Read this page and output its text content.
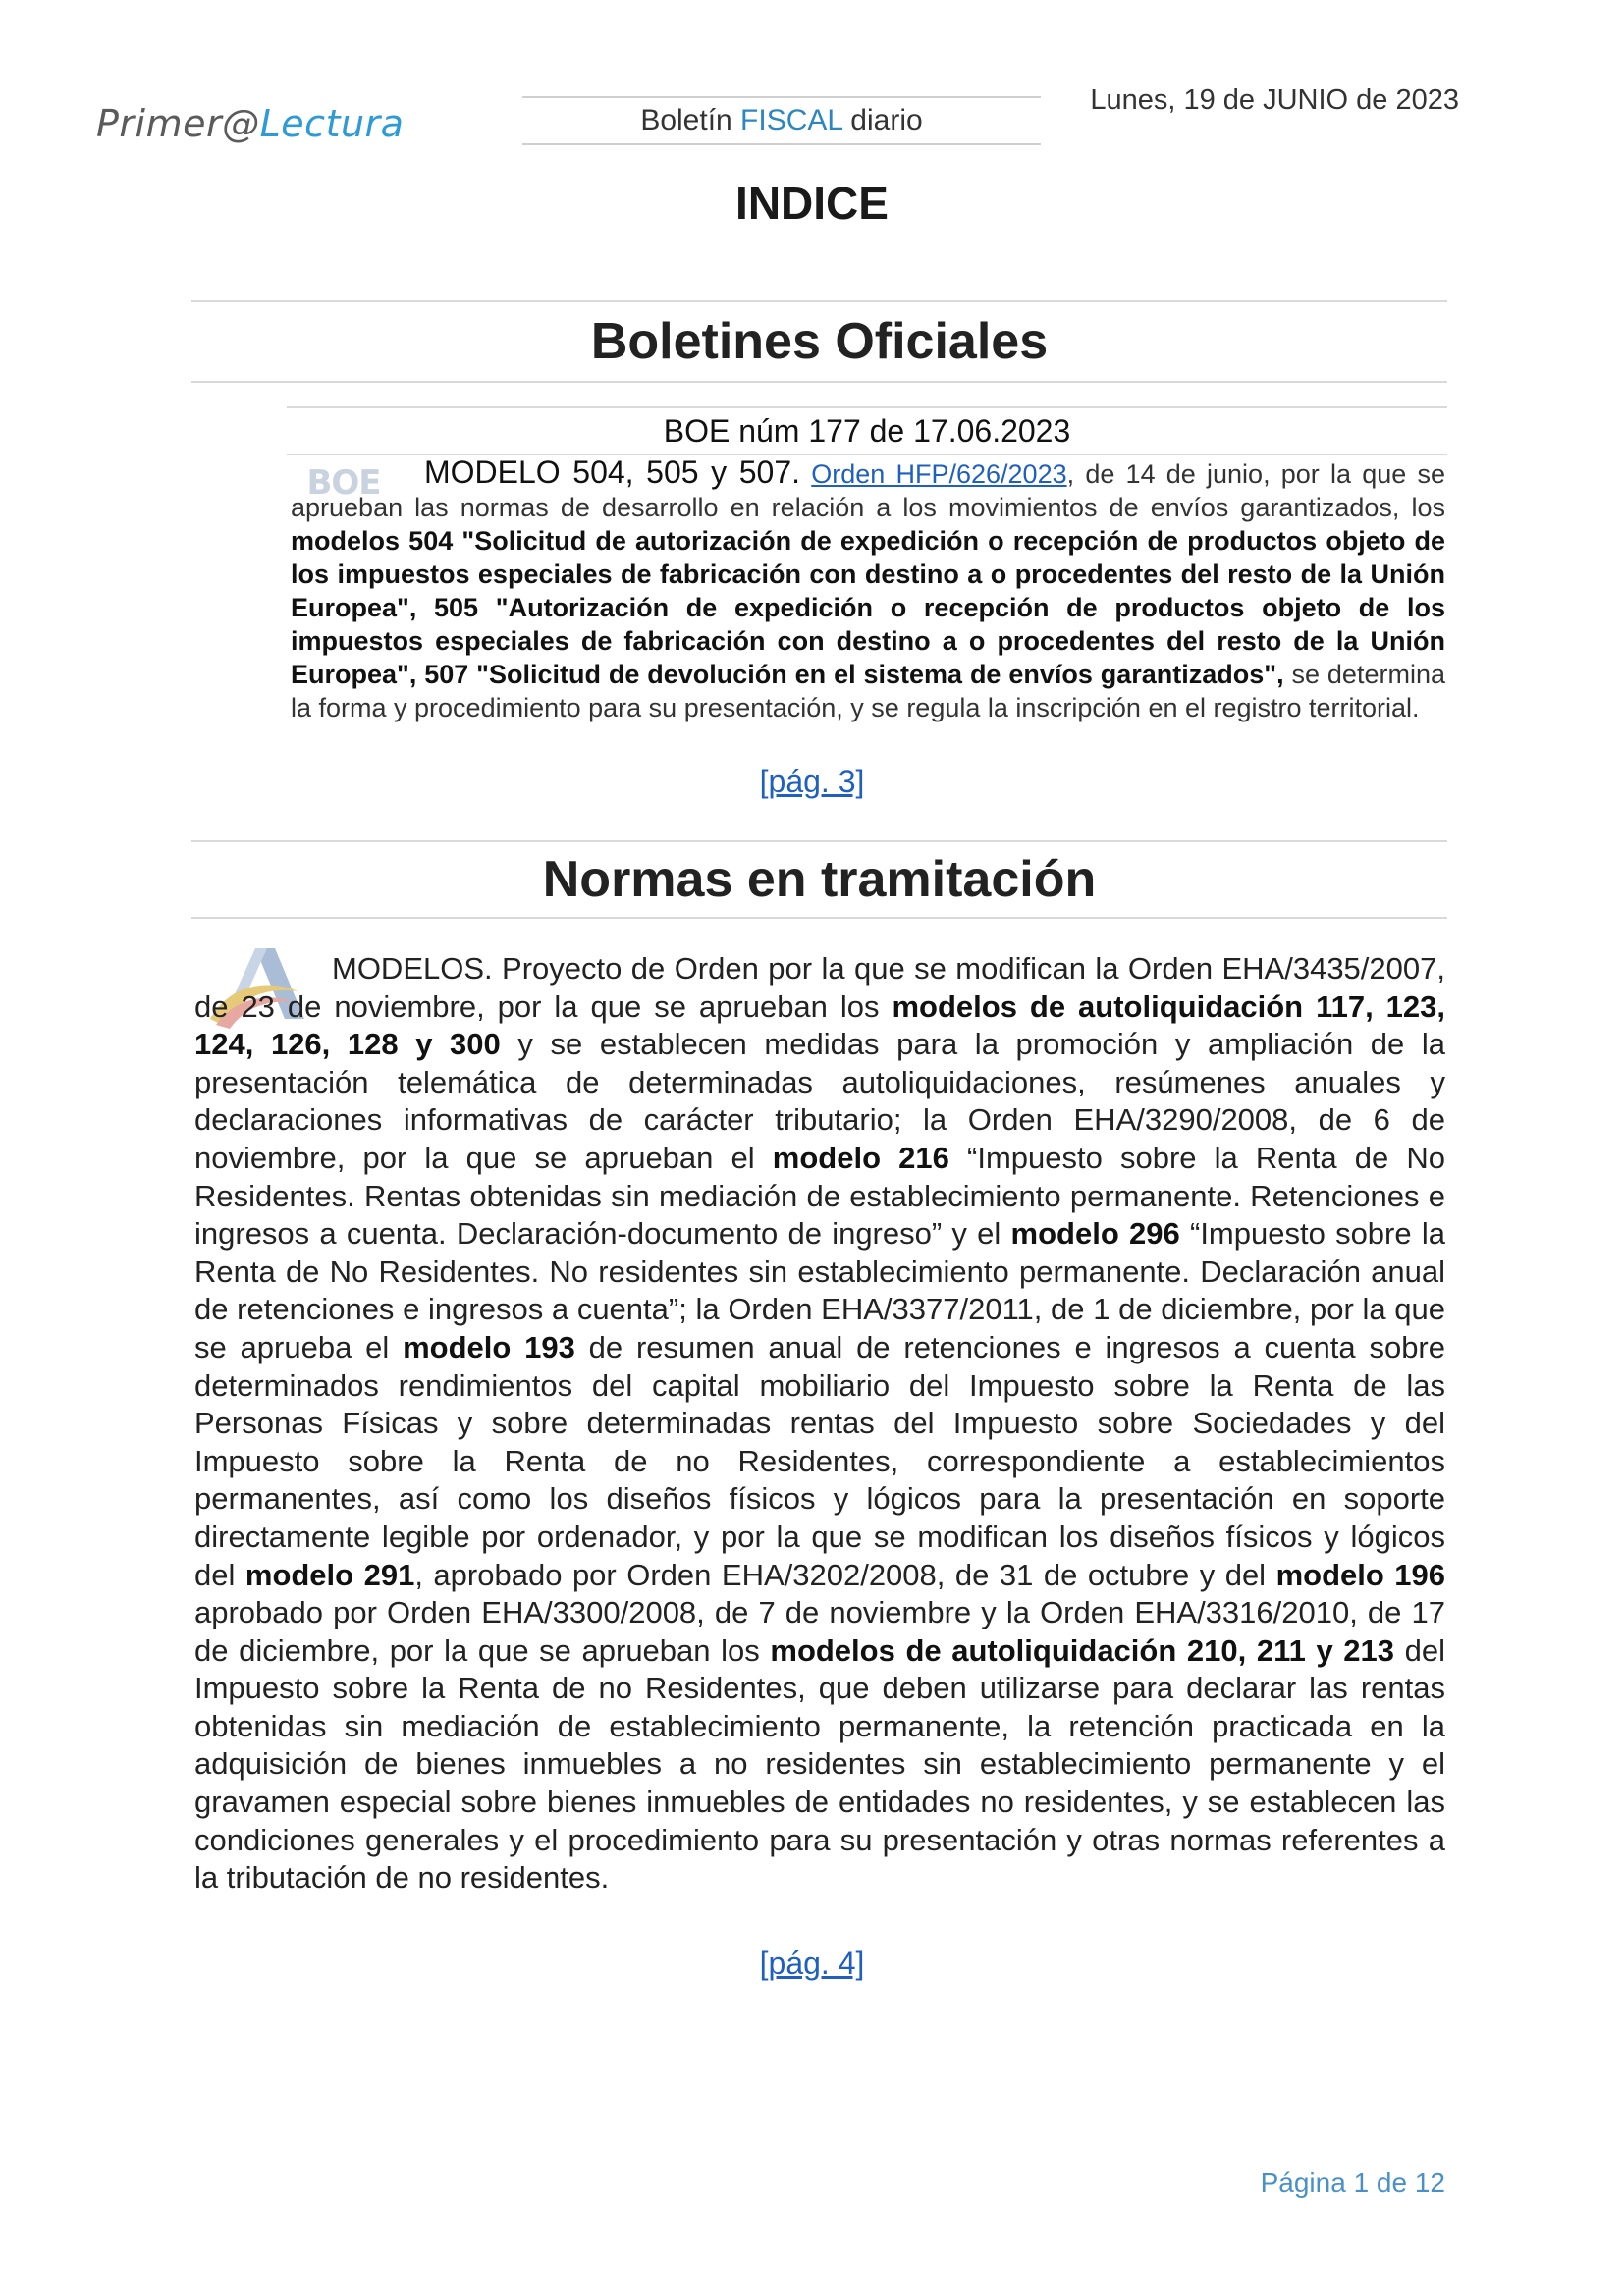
Primer@Lectura	Boletín FISCAL diario
Lunes, 19 de JUNIO de 2023
INDICE
Boletines Oficiales
BOE núm 177 de 17.06.2023
BOE	MODELO 504, 505 y 507. Orden HFP/626/2023, de 14 de junio, por la que se aprueban las normas de desarrollo en relación a los movimientos de envíos garantizados, los modelos 504 "Solicitud de autorización de expedición o recepción de productos objeto de los impuestos especiales de fabricación con destino a o procedentes del resto de la Unión Europea", 505 "Autorización de expedición o recepción de productos objeto de los impuestos especiales de fabricación con destino a o procedentes del resto de la Unión Europea", 507 "Solicitud de devolución en el sistema de envíos garantizados", se determina la forma y procedimiento para su presentación, y se regula la inscripción en el registro territorial.

[pág. 3]
Normas en tramitación

MODELOS. Proyecto de Orden por la que se modifican la Orden EHA/3435/2007, de 23 de noviembre, por la que se aprueban los modelos de autoliquidación 117, 123, 124, 126, 128 y 300 y se establecen medidas para la promoción y ampliación de la presentación telemática de determinadas autoliquidaciones, resúmenes anuales y declaraciones informativas de carácter tributario; la Orden EHA/3290/2008, de 6 de noviembre, por la que se aprueban el modelo 216 “Impuesto sobre la Renta de No Residentes. Rentas obtenidas sin mediación de establecimiento permanente. Retenciones e ingresos a cuenta. Declaración-documento de ingreso” y el modelo 296 “Impuesto sobre la Renta de No Residentes. No residentes sin establecimiento permanente. Declaración anual de retenciones e ingresos a cuenta”; la Orden EHA/3377/2011, de 1 de diciembre, por la que se aprueba el modelo 193 de resumen anual de retenciones e ingresos a cuenta sobre determinados rendimientos del capital mobiliario del Impuesto sobre la Renta de las Personas Físicas y sobre determinadas rentas del Impuesto sobre Sociedades y del Impuesto sobre la Renta de no Residentes, correspondiente a establecimientos permanentes, así como los diseños físicos y lógicos para la presentación en soporte directamente legible por ordenador, y por la que se modifican los diseños físicos y lógicos del modelo 291, aprobado por Orden EHA/3202/2008, de 31 de octubre y del modelo 196 aprobado por Orden EHA/3300/2008, de 7 de noviembre y la Orden EHA/3316/2010, de 17 de diciembre, por la que se aprueban los modelos de autoliquidación 210, 211 y 213 del Impuesto sobre la Renta de no Residentes, que deben utilizarse para declarar las rentas obtenidas sin mediación de establecimiento permanente, la retención practicada en la adquisición de bienes inmuebles a no residentes sin establecimiento permanente y el gravamen especial sobre bienes inmuebles de entidades no residentes, y se establecen las condiciones generales y el procedimiento para su presentación y otras normas referentes a la tributación de no residentes.

[pág. 4]
Página 1 de 12
